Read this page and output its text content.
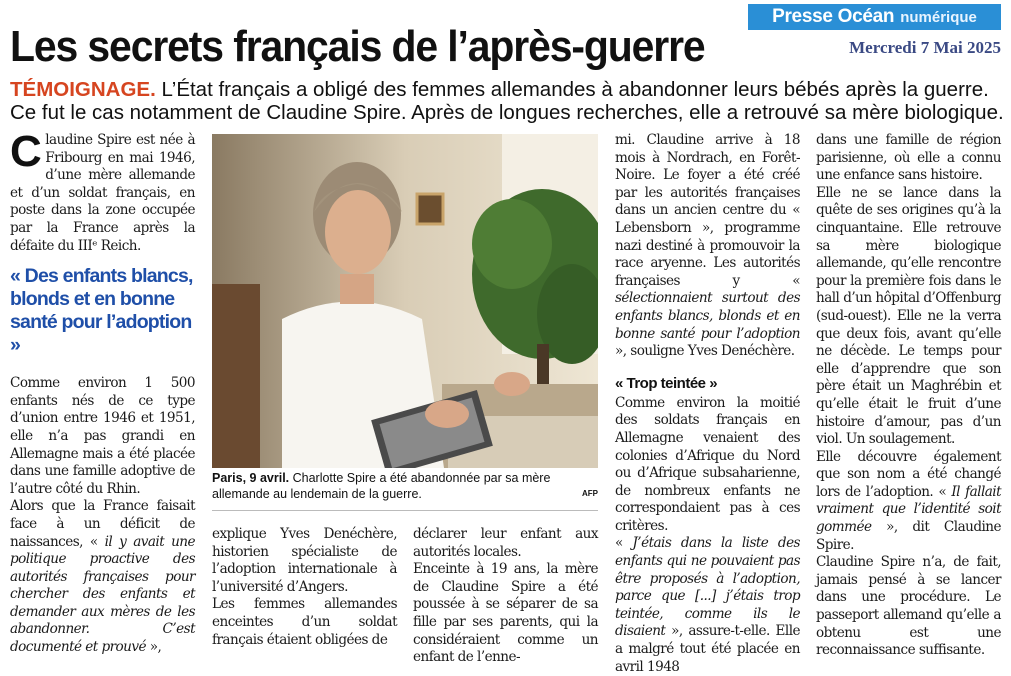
Presse Océan numérique
Les secrets français de l’après-guerre	Mercredi 7 Mai 2025
TÉMOIGNAGE. L’État français a obligé des femmes allemandes à abandonner leurs bébés après la guerre. Ce fut le cas notamment de Claudine Spire. Après de longues recherches, elle a retrouvé sa mère biologique.

Claudine Spire est née à Fribourg en mai 1946, d’une mère allemande et d’un soldat français, en poste dans la zone occupée par la France après la défaite du IIIᵉ Reich.

« Des enfants blancs, blonds et en bonne santé pour l’adoption »

Comme environ 1 500 enfants nés de ce type d’union entre 1946 et 1951, elle n’a pas grandi en Allemagne mais a été placée dans une famille adoptive de l’autre côté du Rhin.

Alors que la France faisait face à un déficit de naissances, « il y avait une politique proactive des autorités françaises pour chercher des enfants et demander aux mères de les abandonner. C’est documenté et prouvé »,

Paris, 9 avril. Charlotte Spire a été abandonnée par sa mère allemande au lendemain de la guerre.	AFP

explique Yves Denéchère, historien spécialiste de l’adoption internationale à l’université d’Angers.

Les femmes allemandes enceintes d’un soldat français étaient obligées de

déclarer leur enfant aux autorités locales.

Enceinte à 19 ans, la mère de Claudine Spire a été poussée à se séparer de sa fille par ses parents, qui la considéraient comme un enfant de l’enne-

mi. Claudine arrive à 18 mois à Nordrach, en Forêt-Noire. Le foyer a été créé par les autorités françaises dans un ancien centre du « Lebensborn », programme nazi destiné à promouvoir la race aryenne. Les autorités françaises y « sélectionnaient surtout des enfants blancs, blonds et en bonne santé pour l’adoption », souligne Yves Denéchère.

« Trop teintée »

Comme environ la moitié des soldats français en Allemagne venaient des colonies d’Afrique du Nord ou d’Afrique subsaharienne, de nombreux enfants ne correspondaient pas à ces critères.

« J’étais dans la liste des enfants qui ne pouvaient pas être proposés à l’adoption, parce que [...] j’étais trop teintée, comme ils le disaient », assure-t-elle. Elle a malgré tout été placée en avril 1948

dans une famille de région parisienne, où elle a connu une enfance sans histoire.

Elle ne se lance dans la quête de ses origines qu’à la cinquantaine. Elle retrouve sa mère biologique allemande, qu’elle rencontre pour la première fois dans le hall d’un hôpital d’Offenburg (sud-ouest). Elle ne la verra que deux fois, avant qu’elle ne décède. Le temps pour elle d’apprendre que son père était un Maghrébin et qu’elle était le fruit d’une histoire d’amour, pas d’un viol. Un soulagement.

Elle découvre également que son nom a été changé lors de l’adoption. « Il fallait vraiment que l’identité soit gommée », dit Claudine Spire.

Claudine Spire n’a, de fait, jamais pensé à se lancer dans une procédure. Le passeport allemand qu’elle a obtenu est une reconnaissance suffisante.
